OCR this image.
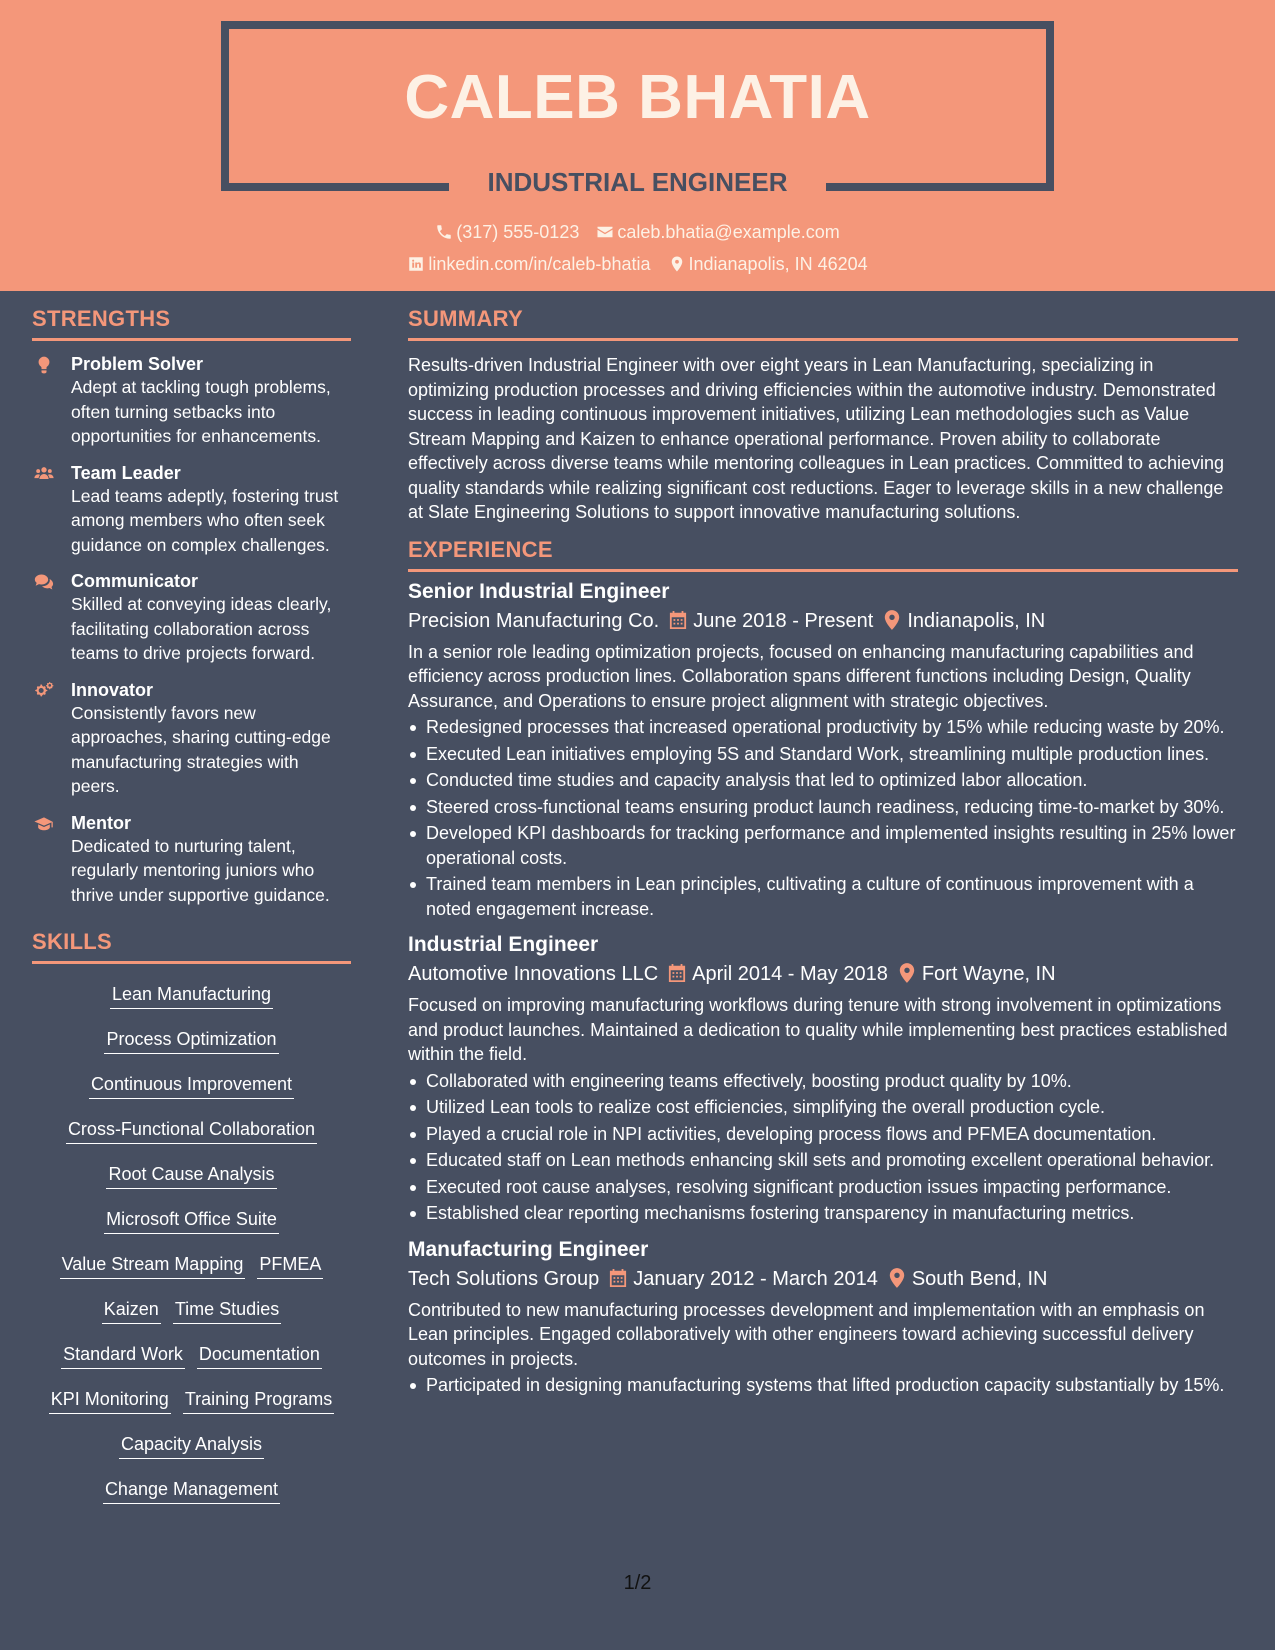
CALEB BHATIA
INDUSTRIAL ENGINEER
(317) 555-0123 caleb.bhatia@example.com
linkedin.com/in/caleb-bhatia Indianapolis, IN 46204
STRENGTHS
Problem Solver
Adept at tackling tough problems, often turning setbacks into opportunities for enhancements.
Team Leader
Lead teams adeptly, fostering trust among members who often seek guidance on complex challenges.
Communicator
Skilled at conveying ideas clearly, facilitating collaboration across teams to drive projects forward.
Innovator
Consistently favors new approaches, sharing cutting-edge manufacturing strategies with peers.
Mentor
Dedicated to nurturing talent, regularly mentoring juniors who thrive under supportive guidance.
SKILLS
Lean Manufacturing
Process Optimization
Continuous Improvement
Cross-Functional Collaboration
Root Cause Analysis
Microsoft Office Suite
Value Stream Mapping PFMEA
Kaizen Time Studies
Standard Work Documentation
KPI Monitoring Training Programs
Capacity Analysis
Change Management
SUMMARY
Results-driven Industrial Engineer with over eight years in Lean Manufacturing, specializing in optimizing production processes and driving efficiencies within the automotive industry. Demonstrated success in leading continuous improvement initiatives, utilizing Lean methodologies such as Value Stream Mapping and Kaizen to enhance operational performance. Proven ability to collaborate effectively across diverse teams while mentoring colleagues in Lean practices. Committed to achieving quality standards while realizing significant cost reductions. Eager to leverage skills in a new challenge at Slate Engineering Solutions to support innovative manufacturing solutions.
EXPERIENCE
Senior Industrial Engineer
Precision Manufacturing Co. June 2018 - Present Indianapolis, IN
In a senior role leading optimization projects, focused on enhancing manufacturing capabilities and efficiency across production lines. Collaboration spans different functions including Design, Quality Assurance, and Operations to ensure project alignment with strategic objectives.
Redesigned processes that increased operational productivity by 15% while reducing waste by 20%.
Executed Lean initiatives employing 5S and Standard Work, streamlining multiple production lines.
Conducted time studies and capacity analysis that led to optimized labor allocation.
Steered cross-functional teams ensuring product launch readiness, reducing time-to-market by 30%.
Developed KPI dashboards for tracking performance and implemented insights resulting in 25% lower operational costs.
Trained team members in Lean principles, cultivating a culture of continuous improvement with a noted engagement increase.
Industrial Engineer
Automotive Innovations LLC April 2014 - May 2018 Fort Wayne, IN
Focused on improving manufacturing workflows during tenure with strong involvement in optimizations and product launches. Maintained a dedication to quality while implementing best practices established within the field.
Collaborated with engineering teams effectively, boosting product quality by 10%.
Utilized Lean tools to realize cost efficiencies, simplifying the overall production cycle.
Played a crucial role in NPI activities, developing process flows and PFMEA documentation.
Educated staff on Lean methods enhancing skill sets and promoting excellent operational behavior.
Executed root cause analyses, resolving significant production issues impacting performance.
Established clear reporting mechanisms fostering transparency in manufacturing metrics.
Manufacturing Engineer
Tech Solutions Group January 2012 - March 2014 South Bend, IN
Contributed to new manufacturing processes development and implementation with an emphasis on Lean principles. Engaged collaboratively with other engineers toward achieving successful delivery outcomes in projects.
Participated in designing manufacturing systems that lifted production capacity substantially by 15%.
1/2
